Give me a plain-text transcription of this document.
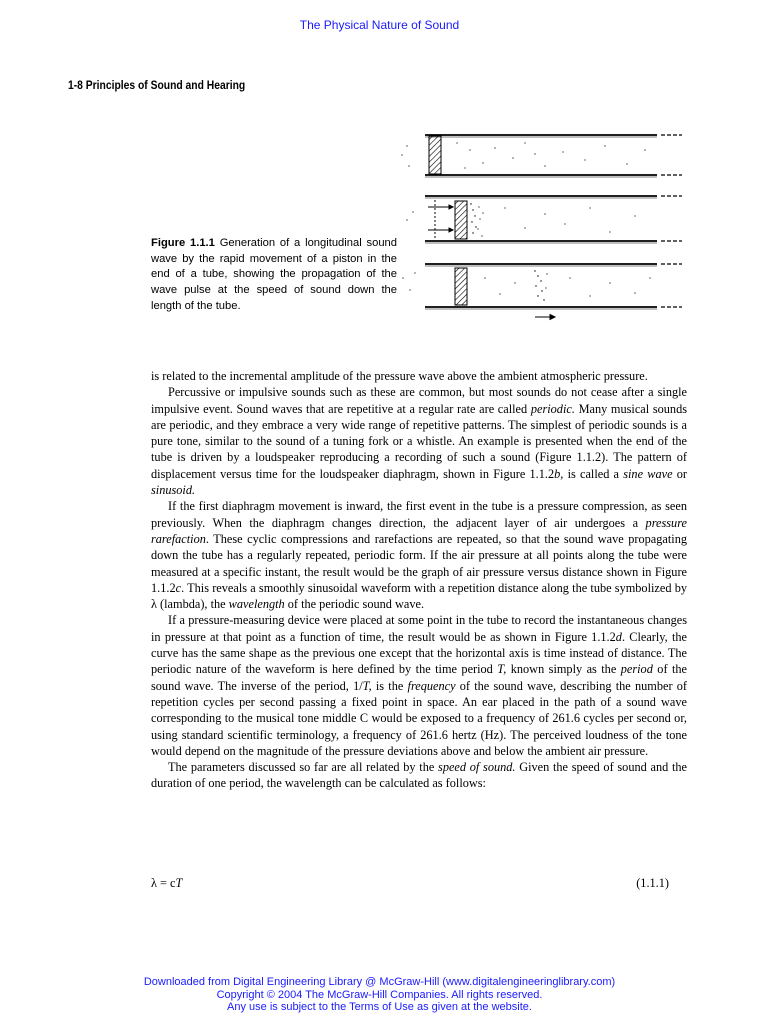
The Physical Nature of Sound
1-8 Principles of Sound and Hearing
Figure 1.1.1 Generation of a longitudinal sound wave by the rapid movement of a piston in the end of a tube, showing the propagation of the wave pulse at the speed of sound down the length of the tube.

is related to the incremental amplitude of the pressure wave above the ambient atmospheric pressure.

Percussive or impulsive sounds such as these are common, but most sounds do not cease after a single impulsive event. Sound waves that are repetitive at a regular rate are called periodic. Many musical sounds are periodic, and they embrace a very wide range of repetitive patterns. The simplest of periodic sounds is a pure tone, similar to the sound of a tuning fork or a whistle. An example is presented when the end of the tube is driven by a loudspeaker reproducing a recording of such a sound (Figure 1.1.2). The pattern of displacement versus time for the loudspeaker diaphragm, shown in Figure 1.1.2b, is called a sine wave or sinusoid.

If the first diaphragm movement is inward, the first event in the tube is a pressure compression, as seen previously. When the diaphragm changes direction, the adjacent layer of air undergoes a pressure rarefaction. These cyclic compressions and rarefactions are repeated, so that the sound wave propagating down the tube has a regularly repeated, periodic form. If the air pressure at all points along the tube were measured at a specific instant, the result would be the graph of air pressure versus distance shown in Figure 1.1.2c. This reveals a smoothly sinusoidal waveform with a repetition distance along the tube symbolized by λ (lambda), the wavelength of the periodic sound wave.

If a pressure-measuring device were placed at some point in the tube to record the instantaneous changes in pressure at that point as a function of time, the result would be as shown in Figure 1.1.2d. Clearly, the curve has the same shape as the previous one except that the horizontal axis is time instead of distance. The periodic nature of the waveform is here defined by the time period T, known simply as the period of the sound wave. The inverse of the period, 1/T, is the frequency of the sound wave, describing the number of repetition cycles per second passing a fixed point in space. An ear placed in the path of a sound wave corresponding to the musical tone middle C would be exposed to a frequency of 261.6 cycles per second or, using standard scientific terminology, a frequency of 261.6 hertz (Hz). The perceived loudness of the tone would depend on the magnitude of the pressure deviations above and below the ambient air pressure.

The parameters discussed so far are all related by the speed of sound. Given the speed of sound and the duration of one period, the wavelength can be calculated as follows:

λ = cT	(1.1.1)
Downloaded from Digital Engineering Library @ McGraw-Hill (www.digitalengineeringlibrary.com)
Copyright © 2004 The McGraw-Hill Companies. All rights reserved.
Any use is subject to the Terms of Use as given at the website.
